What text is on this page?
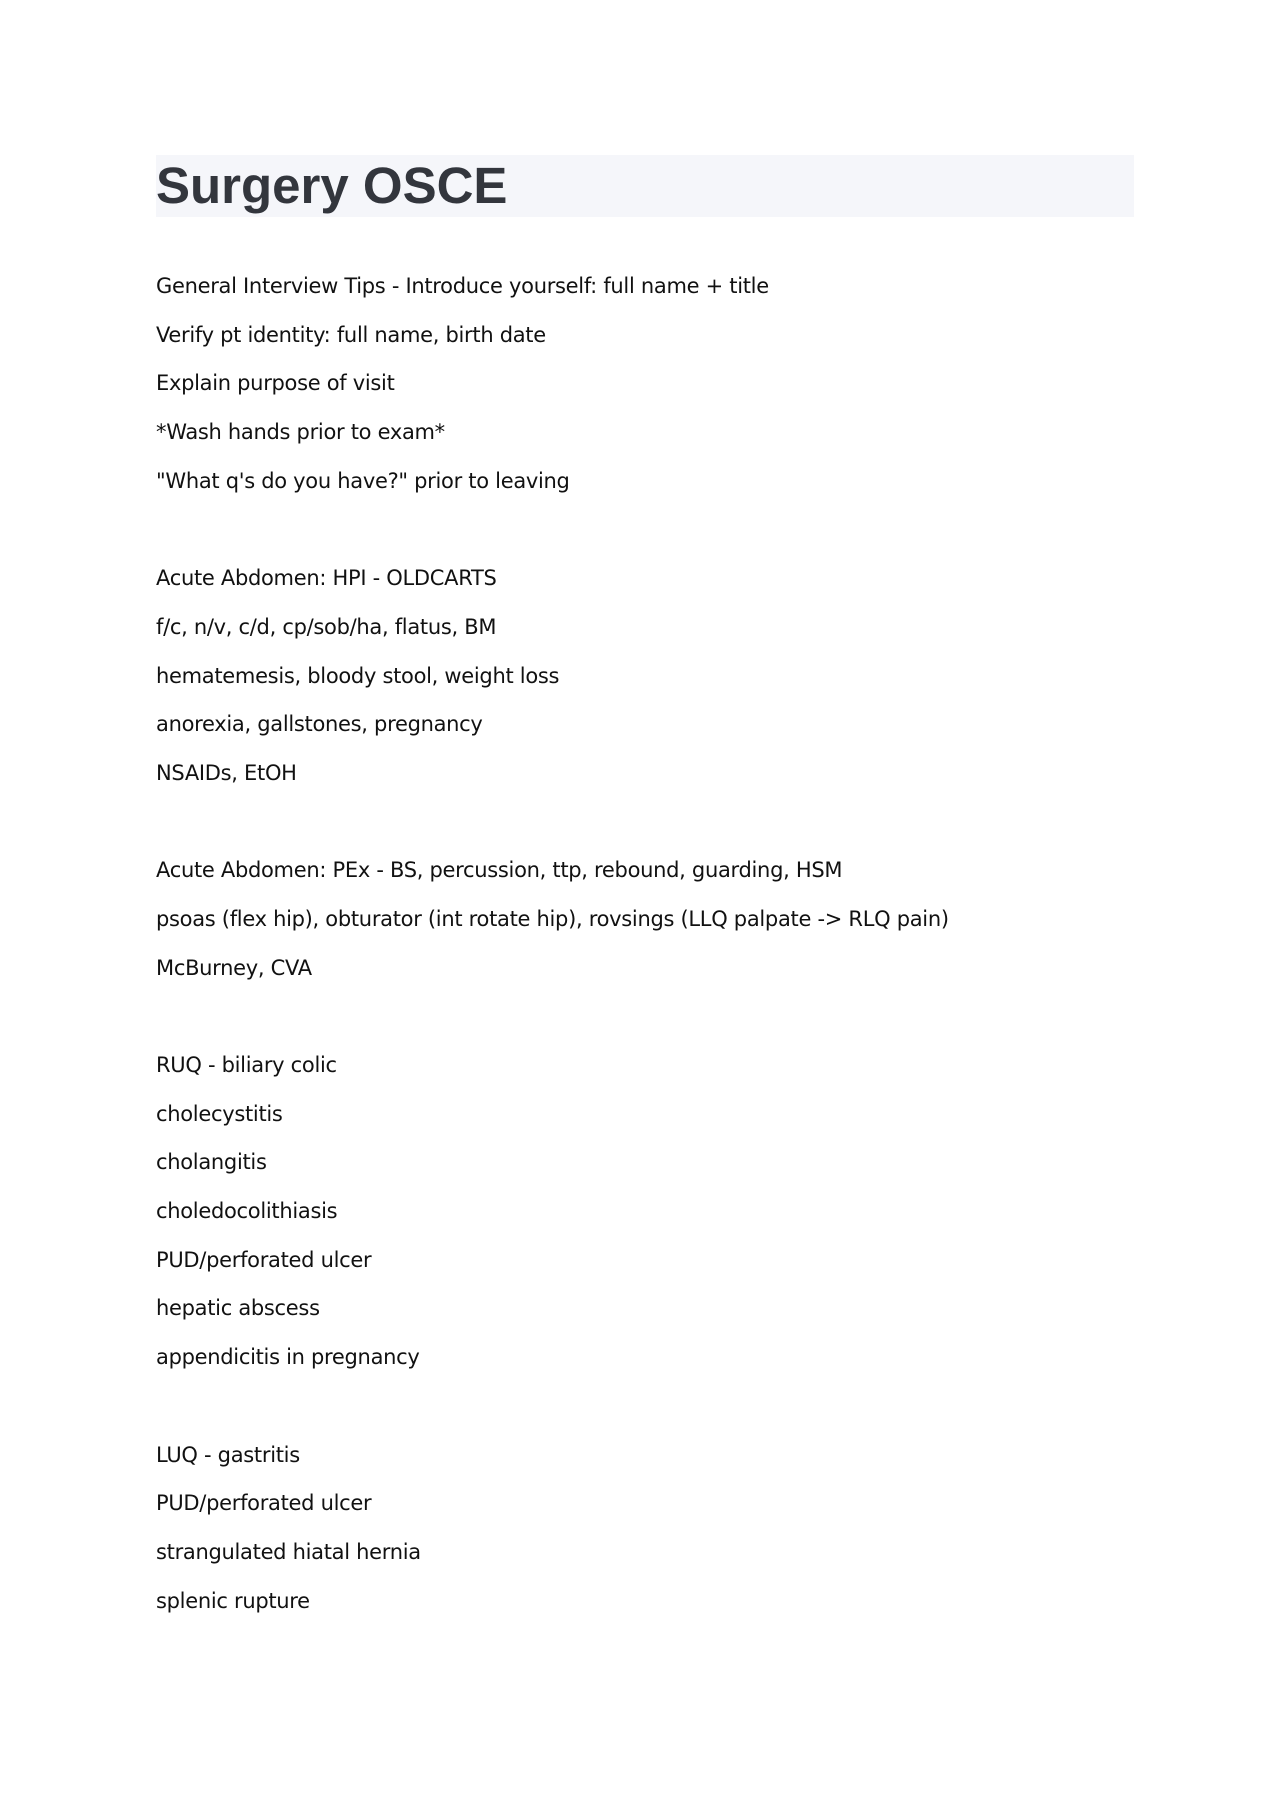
Surgery OSCE
General Interview Tips - Introduce yourself: full name + title
Verify pt identity: full name, birth date
Explain purpose of visit
*Wash hands prior to exam*
"What q's do you have?" prior to leaving
Acute Abdomen: HPI - OLDCARTS
f/c, n/v, c/d, cp/sob/ha, flatus, BM
hematemesis, bloody stool, weight loss
anorexia, gallstones, pregnancy
NSAIDs, EtOH
Acute Abdomen: PEx - BS, percussion, ttp, rebound, guarding, HSM
psoas (flex hip), obturator (int rotate hip), rovsings (LLQ palpate -> RLQ pain)
McBurney, CVA
RUQ - biliary colic
cholecystitis
cholangitis
choledocolithiasis
PUD/perforated ulcer
hepatic abscess
appendicitis in pregnancy
LUQ - gastritis
PUD/perforated ulcer
strangulated hiatal hernia
splenic rupture
